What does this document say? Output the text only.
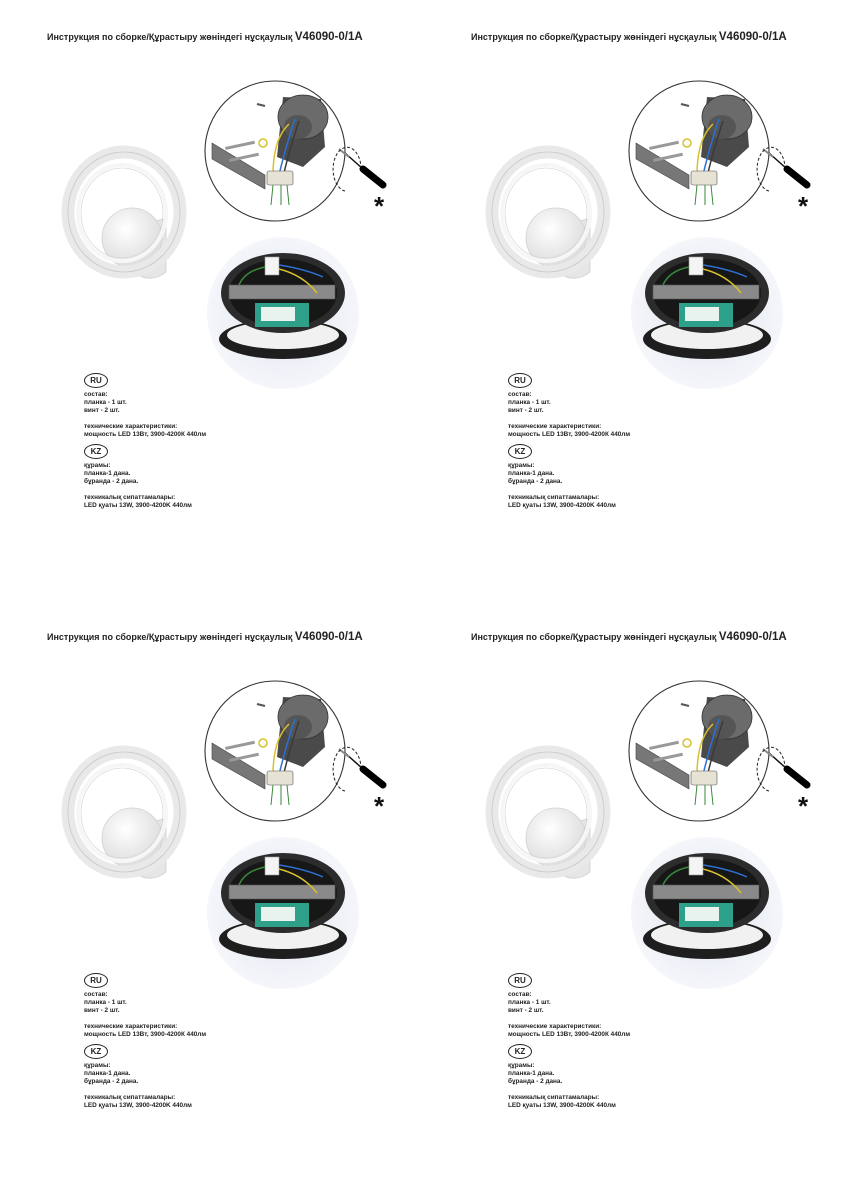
Инструкция по сборке/Құрастыру жөніндегі нұсқаулық V46090-0/1A
*
RU
состав:
планка - 1 шт.
винт - 2 шт.
технические характеристики:
мощность LED 13Вт, 3900-4200К 440лм
KZ
құрамы:
планка-1 дана.
бұранда - 2 дана.
техникалық сипаттамалары:
LED қуаты 13W, 3900-4200K 440лм
Инструкция по сборке/Құрастыру жөніндегі нұсқаулық V46090-0/1A
*
RU
состав:
планка - 1 шт.
винт - 2 шт.
технические характеристики:
мощность LED 13Вт, 3900-4200К 440лм
KZ
құрамы:
планка-1 дана.
бұранда - 2 дана.
техникалық сипаттамалары:
LED қуаты 13W, 3900-4200K 440лм
Инструкция по сборке/Құрастыру жөніндегі нұсқаулық V46090-0/1A
*
RU
состав:
планка - 1 шт.
винт - 2 шт.
технические характеристики:
мощность LED 13Вт, 3900-4200К 440лм
KZ
құрамы:
планка-1 дана.
бұранда - 2 дана.
техникалық сипаттамалары:
LED қуаты 13W, 3900-4200K 440лм
Инструкция по сборке/Құрастыру жөніндегі нұсқаулық V46090-0/1A
*
RU
состав:
планка - 1 шт.
винт - 2 шт.
технические характеристики:
мощность LED 13Вт, 3900-4200К 440лм
KZ
құрамы:
планка-1 дана.
бұранда - 2 дана.
техникалық сипаттамалары:
LED қуаты 13W, 3900-4200K 440лм
